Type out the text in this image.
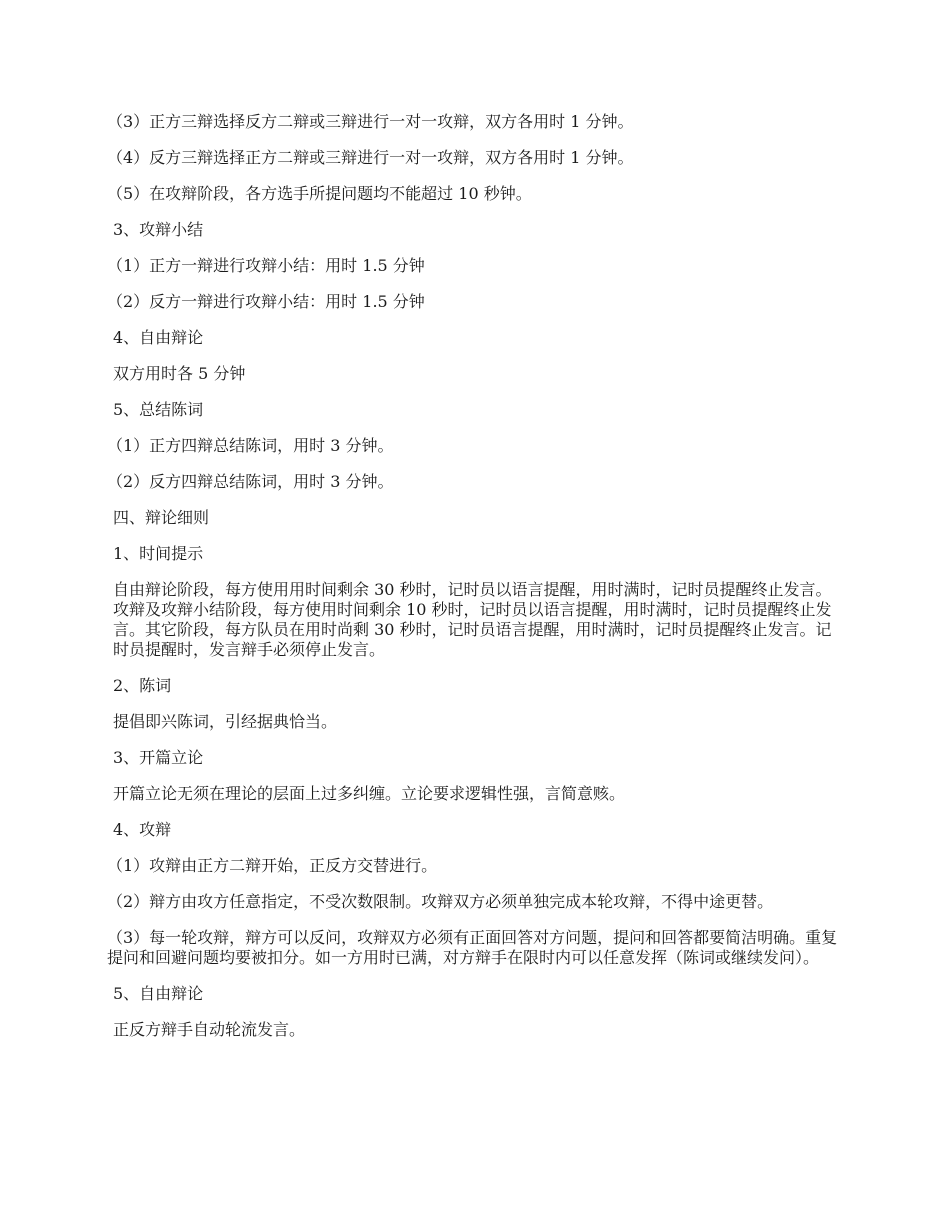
（3）正方三辩选择反方二辩或三辩进行一对一攻辩，双方各用时 1 分钟。

（4）反方三辩选择正方二辩或三辩进行一对一攻辩，双方各用时 1 分钟。

（5）在攻辩阶段，各方选手所提问题均不能超过 10 秒钟。

3、攻辩小结

（1）正方一辩进行攻辩小结：用时 1.5 分钟

（2）反方一辩进行攻辩小结：用时 1.5 分钟

4、自由辩论

双方用时各 5 分钟

5、总结陈词

（1）正方四辩总结陈词，用时 3 分钟。

（2）反方四辩总结陈词，用时 3 分钟。

四、辩论细则

1、时间提示

自由辩论阶段，每方使用用时间剩余 30 秒时，记时员以语言提醒，用时满时，记时员提醒终止发言。攻辩及攻辩小结阶段，每方使用时间剩余 10 秒时，记时员以语言提醒，用时满时，记时员提醒终止发言。其它阶段，每方队员在用时尚剩 30 秒时，记时员语言提醒，用时满时，记时员提醒终止发言。记时员提醒时，发言辩手必须停止发言。

2、陈词

提倡即兴陈词，引经据典恰当。

3、开篇立论

开篇立论无须在理论的层面上过多纠缠。立论要求逻辑性强，言简意赅。

4、攻辩

（1）攻辩由正方二辩开始，正反方交替进行。

（2）辩方由攻方任意指定，不受次数限制。攻辩双方必须单独完成本轮攻辩，不得中途更替。

（3）每一轮攻辩，辩方可以反问，攻辩双方必须有正面回答对方问题，提问和回答都要简洁明确。重复提问和回避问题均要被扣分。如一方用时已满，对方辩手在限时内可以任意发挥（陈词或继续发问）。

5、自由辩论

正反方辩手自动轮流发言。
